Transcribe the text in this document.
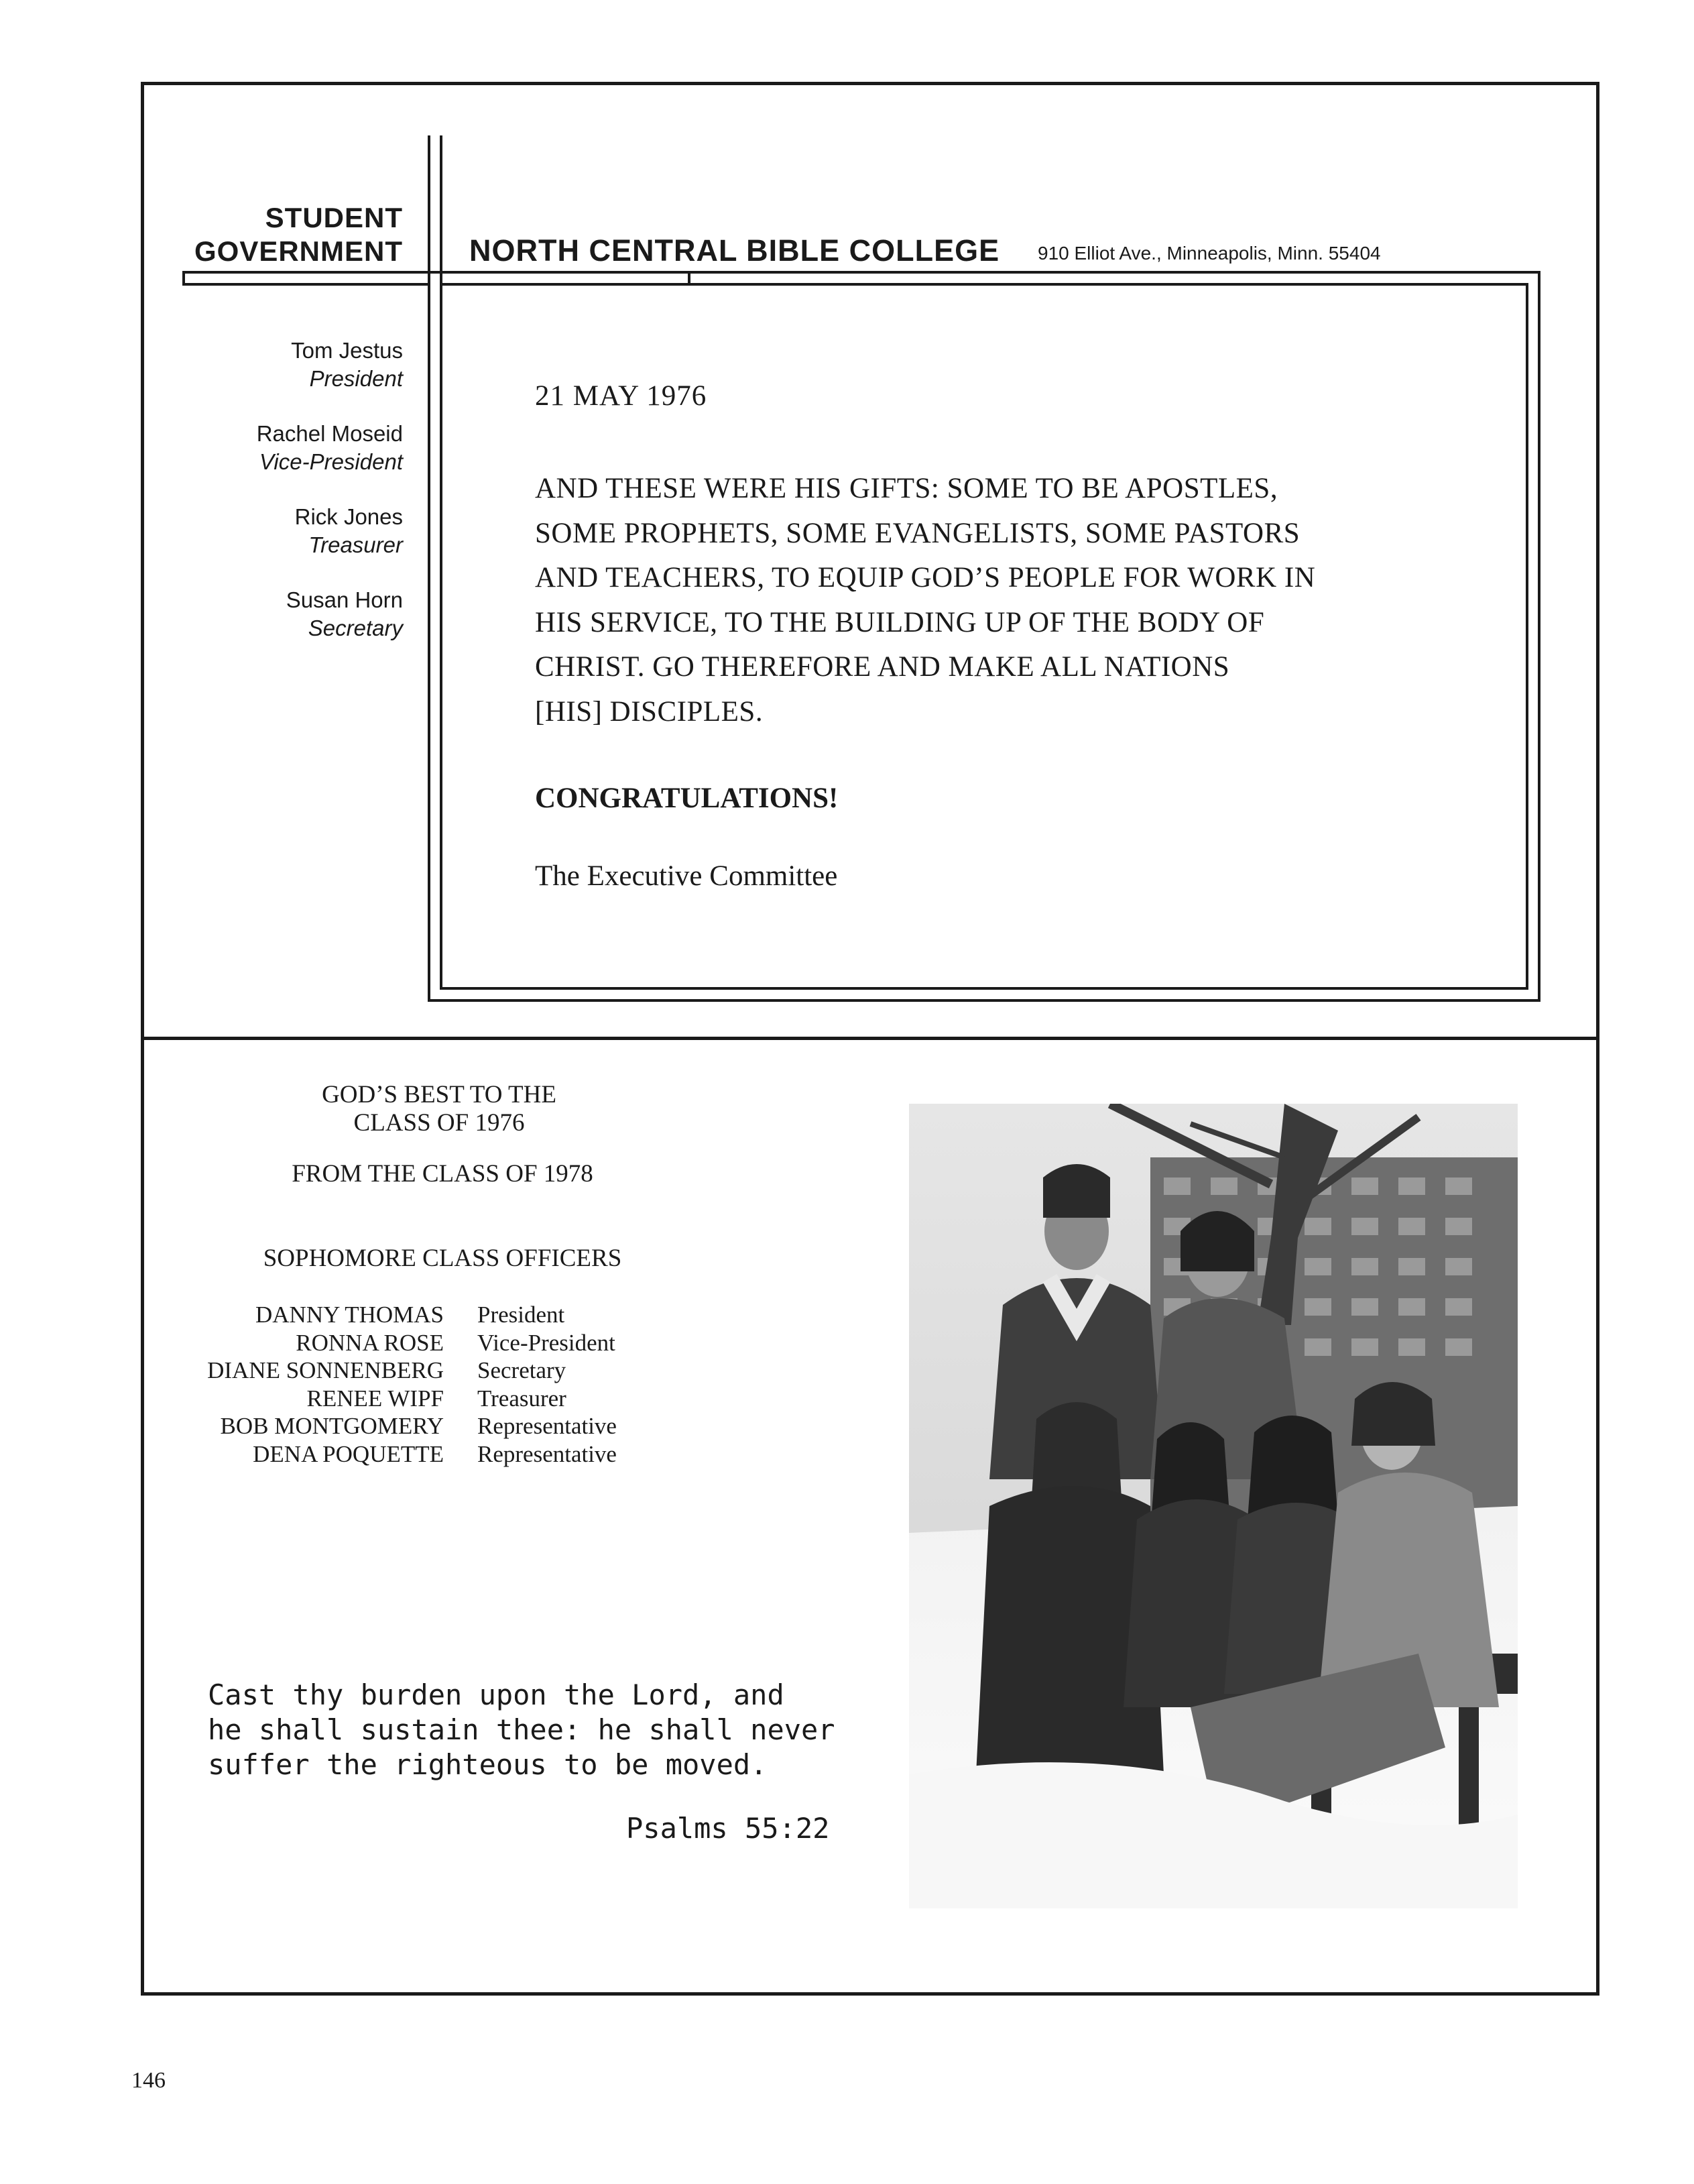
STUDENT
GOVERNMENT NORTH CENTRAL BIBLE COLLEGE 910 Elliot Ave., Minneapolis, Minn. 55404
Tom Jestus
President
Rachel Moseid
Vice-President
Rick Jones
Treasurer
Susan Horn
Secretary
21 MAY 1976
AND THESE WERE HIS GIFTS: SOME TO BE APOSTLES,
SOME PROPHETS, SOME EVANGELISTS, SOME PASTORS
AND TEACHERS, TO EQUIP GOD’S PEOPLE FOR WORK IN
HIS SERVICE, TO THE BUILDING UP OF THE BODY OF
CHRIST. GO THEREFORE AND MAKE ALL NATIONS
[HIS] DISCIPLES.
CONGRATULATIONS!
The Executive Committee
GOD’S BEST TO THE
CLASS OF 1976
FROM THE CLASS OF 1978
SOPHOMORE CLASS OFFICERS
DANNY THOMAS
RONNA ROSE
DIANE SONNENBERG
RENEE WIPF
BOB MONTGOMERY
DENA POQUETTE
President
Vice-President
Secretary
Treasurer
Representative
Representative
Cast thy burden upon the Lord, and
he shall sustain thee: he shall never
suffer the righteous to be moved.
Psalms 55:22
146
